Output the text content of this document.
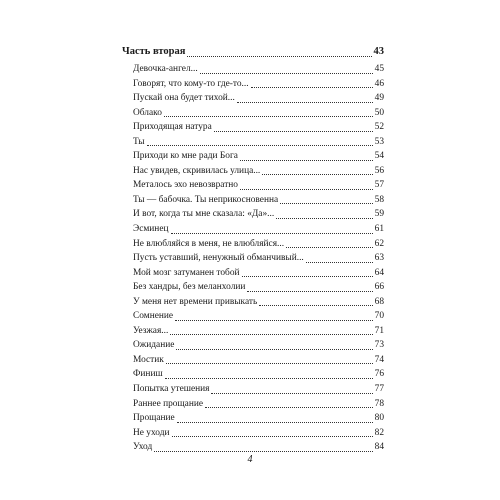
Часть вторая	43
Девочка-ангел...	45
Говорят, что кому-то где-то...	46
Пускай она будет тихой...	49
Облако	50
Приходящая натура	52
Ты	53
Приходи ко мне ради Бога	54
Нас увидев, скривилась улица...	56
Металось эхо невозвратно	57
Ты — бабочка. Ты неприкосновенна	58
И вот, когда ты мне сказала: «Да»...	59
Эсминец	61
Не влюбляйся в меня, не влюбляйся...	62
Пусть уставший, ненужный обманчивый...	63
Мой мозг затуманен тобой	64
Без хандры, без меланхолии	66
У меня нет времени привыкать	68
Сомнение	70
Уезжая...	71
Ожидание	73
Мостик	74
Финиш	76
Попытка утешения	77
Раннее прощание	78
Прощание	80
Не уходи	82
Уход	84
4
